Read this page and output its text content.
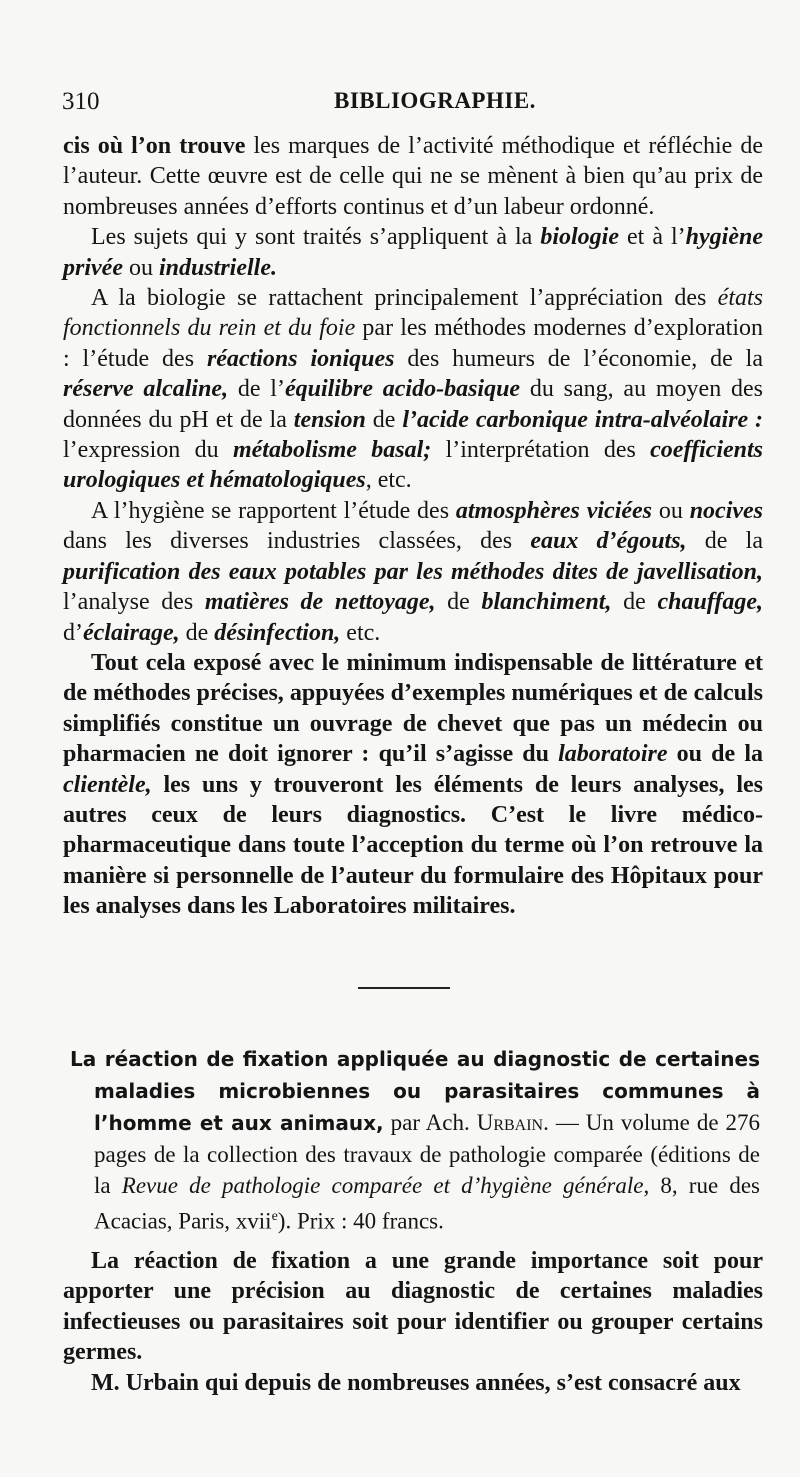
310	BIBLIOGRAPHIE.

cis où l’on trouve les marques de l’activité méthodique et réfléchie de l’auteur. Cette œuvre est de celle qui ne se mènent à bien qu’au prix de nombreuses années d’efforts continus et d’un labeur ordonné.

Les sujets qui y sont traités s’appliquent à la biologie et à l’hygiène privée ou industrielle.

A la biologie se rattachent principalement l’appréciation des états fonctionnels du rein et du foie par les méthodes modernes d’exploration : l’étude des réactions ioniques des humeurs de l’économie, de la réserve alcaline, de l’équilibre acido-basique du sang, au moyen des données du pH et de la tension de l’acide carbonique intra-alvéolaire : l’expression du métabolisme basal; l’interprétation des coefficients urologiques et hématologiques, etc.

A l’hygiène se rapportent l’étude des atmosphères viciées ou nocives dans les diverses industries classées, des eaux d’égouts, de la purification des eaux potables par les méthodes dites de javellisation, l’analyse des matières de nettoyage, de blanchiment, de chauffage, d’éclairage, de désinfection, etc.

Tout cela exposé avec le minimum indispensable de littérature et de méthodes précises, appuyées d’exemples numériques et de calculs simplifiés constitue un ouvrage de chevet que pas un médecin ou pharmacien ne doit ignorer : qu’il s’agisse du laboratoire ou de la clientèle, les uns y trouveront les éléments de leurs analyses, les autres ceux de leurs diagnostics. C’est le livre médico-pharmaceutique dans toute l’acception du terme où l’on retrouve la manière si personnelle de l’auteur du formulaire des Hôpitaux pour les analyses dans les Laboratoires militaires.

La réaction de fixation appliquée au diagnostic de certaines maladies microbiennes ou parasitaires communes à l’homme et aux animaux, par Ach. Urbain. — Un volume de 276 pages de la collection des travaux de pathologie comparée (éditions de la Revue de pathologie comparée et d’hygiène générale, 8, rue des Acacias, Paris, xvii$^e$). Prix : 40 francs.

La réaction de fixation a une grande importance soit pour apporter une précision au diagnostic de certaines maladies infectieuses ou parasitaires soit pour identifier ou grouper certains germes.

M. Urbain qui depuis de nombreuses années, s’est consacré aux
